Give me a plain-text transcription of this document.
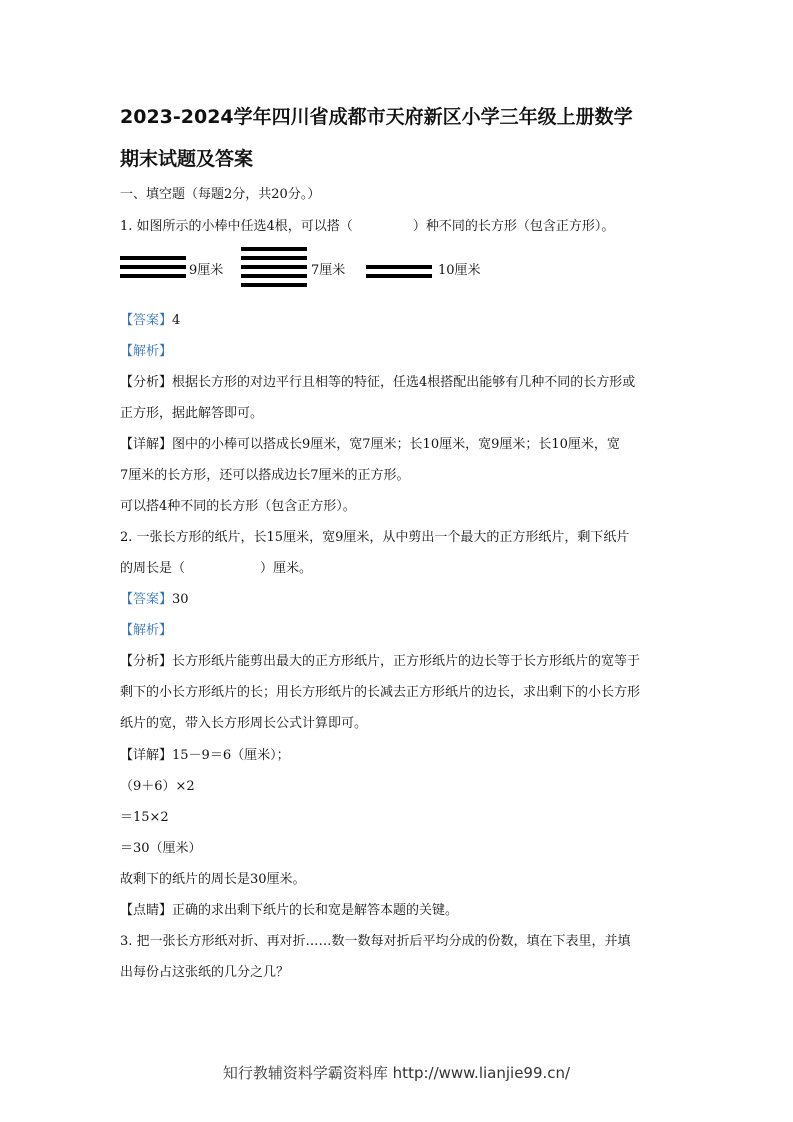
2023-2024学年四川省成都市天府新区小学三年级上册数学
期末试题及答案
一、填空题（每题2分，共20分。）
1. 如图所示的小棒中任选4根，可以搭（	）种不同的长方形（包含正方形）。
9厘米	7厘米	10厘米
【答案】4
【解析】
【分析】根据长方形的对边平行且相等的特征，任选4根搭配出能够有几种不同的长方形或
正方形，据此解答即可。
【详解】图中的小棒可以搭成长9厘米，宽7厘米；长10厘米，宽9厘米；长10厘米，宽
7厘米的长方形，还可以搭成边长7厘米的正方形。
可以搭4种不同的长方形（包含正方形）。
2. 一张长方形的纸片，长15厘米，宽9厘米，从中剪出一个最大的正方形纸片，剩下纸片
的周长是（	）厘米。
【答案】30
【解析】
【分析】长方形纸片能剪出最大的正方形纸片，正方形纸片的边长等于长方形纸片的宽等于
剩下的小长方形纸片的长；用长方形纸片的长减去正方形纸片的边长，求出剩下的小长方形
纸片的宽，带入长方形周长公式计算即可。
【详解】15－9＝6（厘米）；
（9＋6）×2
＝15×2
＝30（厘米）
故剩下的纸片的周长是30厘米。
【点睛】正确的求出剩下纸片的长和宽是解答本题的关键。
3. 把一张长方形纸对折、再对折……数一数每对折后平均分成的份数，填在下表里，并填
出每份占这张纸的几分之几？
知行教辅资料学霸资料库 http://www.lianjie99.cn/
